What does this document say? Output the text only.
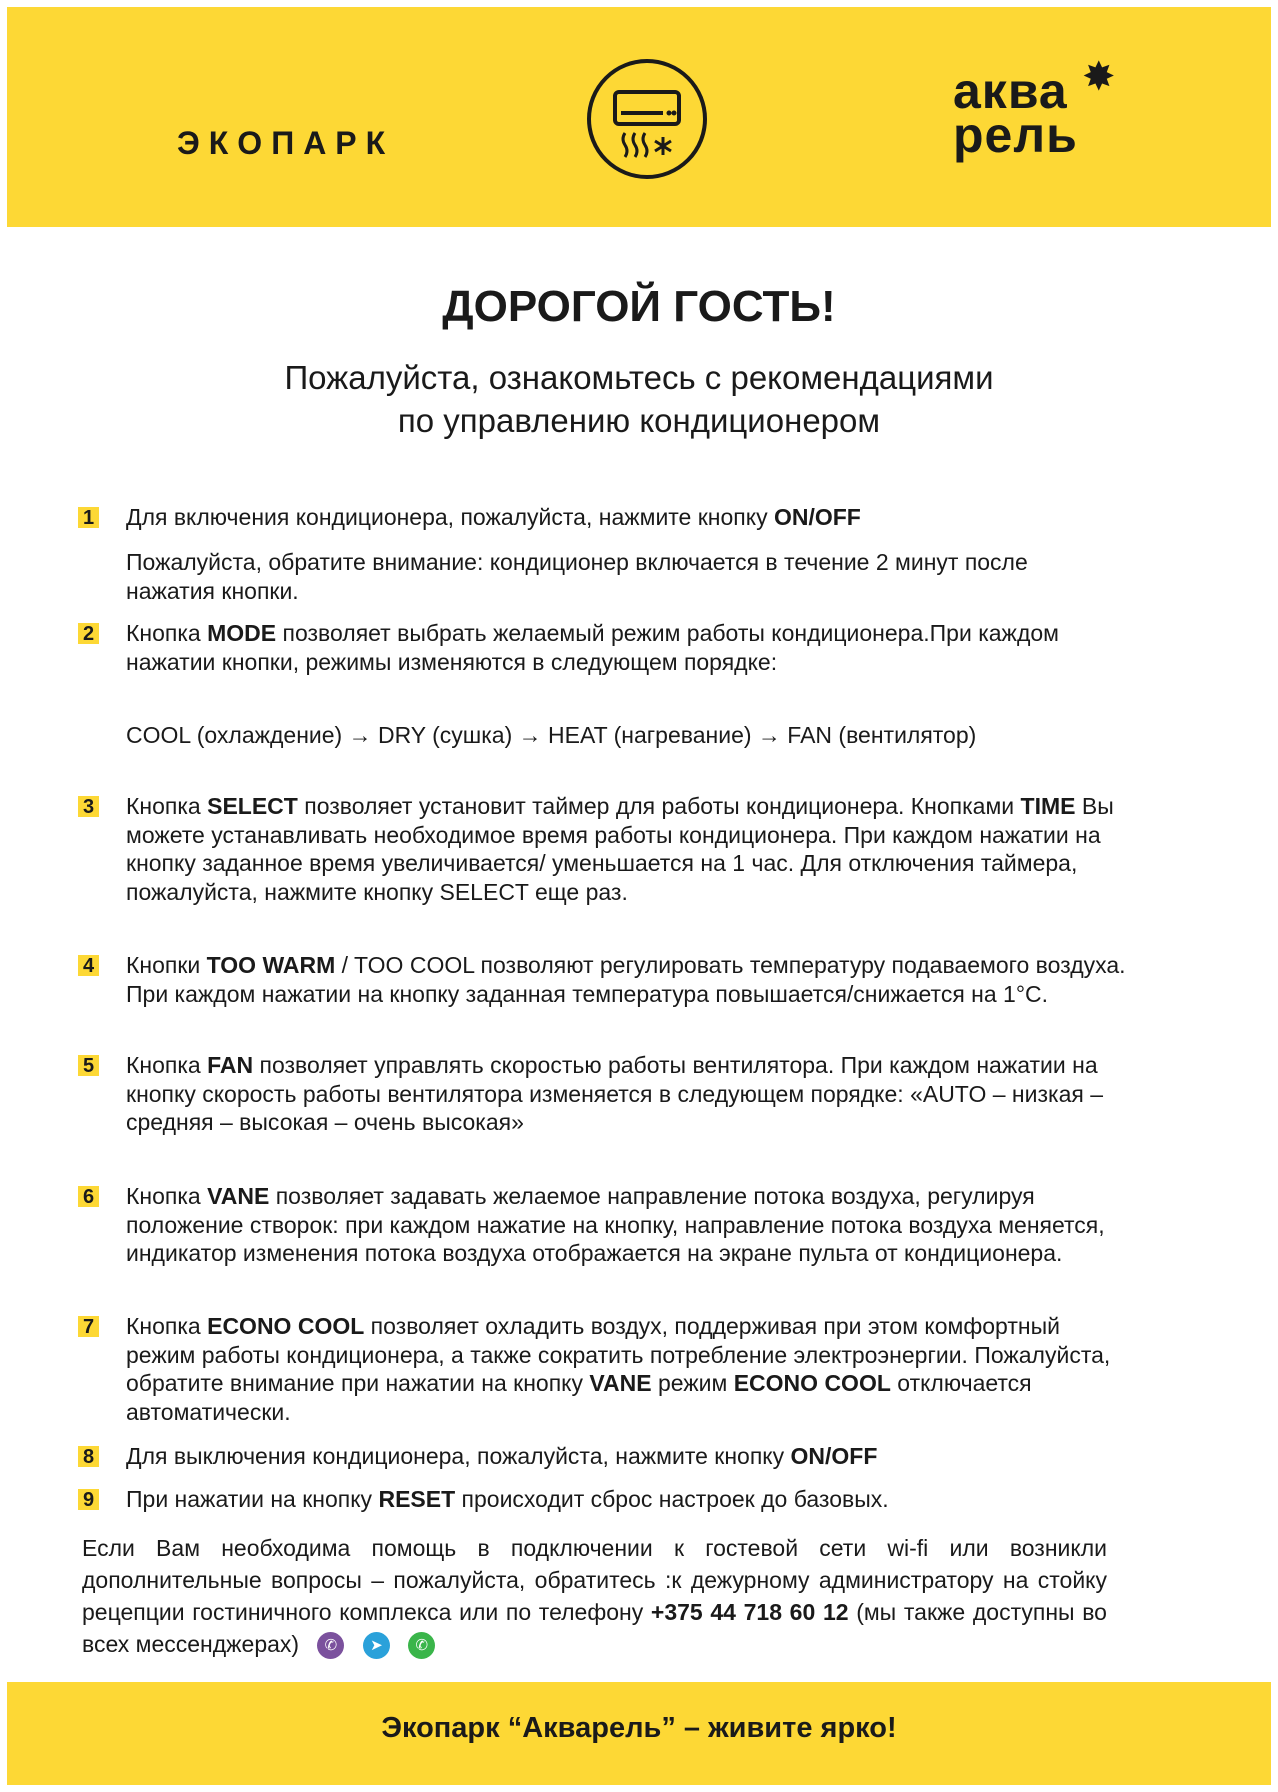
ЭКОПАРК
аква
рель
✸
ДОРОГОЙ ГОСТЬ!
Пожалуйста, ознакомьтесь с рекомендациями
по управлению кондиционером
1 Для включения кондиционера, пожалуйста, нажмите кнопку ON/OFF
Пожалуйста, обратите внимание: кондиционер включается в течение 2 минут после нажатия кнопки.
2 Кнопка MODE позволяет выбрать желаемый режим работы кондиционера.При каждом нажатии кнопки, режимы изменяются в следующем порядке:
COOL (охлаждение) → DRY (сушка) → HEAT (нагревание) → FAN (вентилятор)
3 Кнопка SELECT позволяет установит таймер для работы кондиционера. Кнопками TIME Вы можете устанавливать необходимое время работы кондиционера. При каждом нажатии на кнопку заданное время увеличивается/ уменьшается на 1 час. Для отключения таймера, пожалуйста, нажмите кнопку SELECT еще раз.
4 Кнопки TOO WARM / TOO COOL позволяют регулировать температуру подаваемого воздуха. При каждом нажатии на кнопку заданная температура повышается/снижается на 1°C.
5 Кнопка FAN позволяет управлять скоростью работы вентилятора. При каждом нажатии на кнопку скорость работы вентилятора изменяется в следующем порядке: «AUTO – низкая – средняя – высокая – очень высокая»
6 Кнопка VANE позволяет задавать желаемое направление потока воздуха, регулируя положение створок: при каждом нажатие на кнопку, направление потока воздуха меняется, индикатор изменения потока воздуха отображается на экране пульта от кондиционера.
7 Кнопка ECONO COOL позволяет охладить воздух, поддерживая при этом комфортный режим работы кондиционера, а также сократить потребление электроэнергии. Пожалуйста, обратите внимание при нажатии на кнопку VANE режим ECONO COOL отключается автоматически.
8 Для выключения кондиционера, пожалуйста, нажмите кнопку ON/OFF
9 При нажатии на кнопку RESET происходит сброс настроек до базовых.
Если Вам необходима помощь в подключении к гостевой сети wi-fi или возникли дополнительные вопросы – пожалуйста, обратитесь :к дежурному администратору на стойку рецепции гостиничного комплекса или по телефону +375 44 718 60 12 (мы также доступны во всех мессенджерах) ✆ ➤ ✆
Экопарк “Акварель” – живите ярко!
